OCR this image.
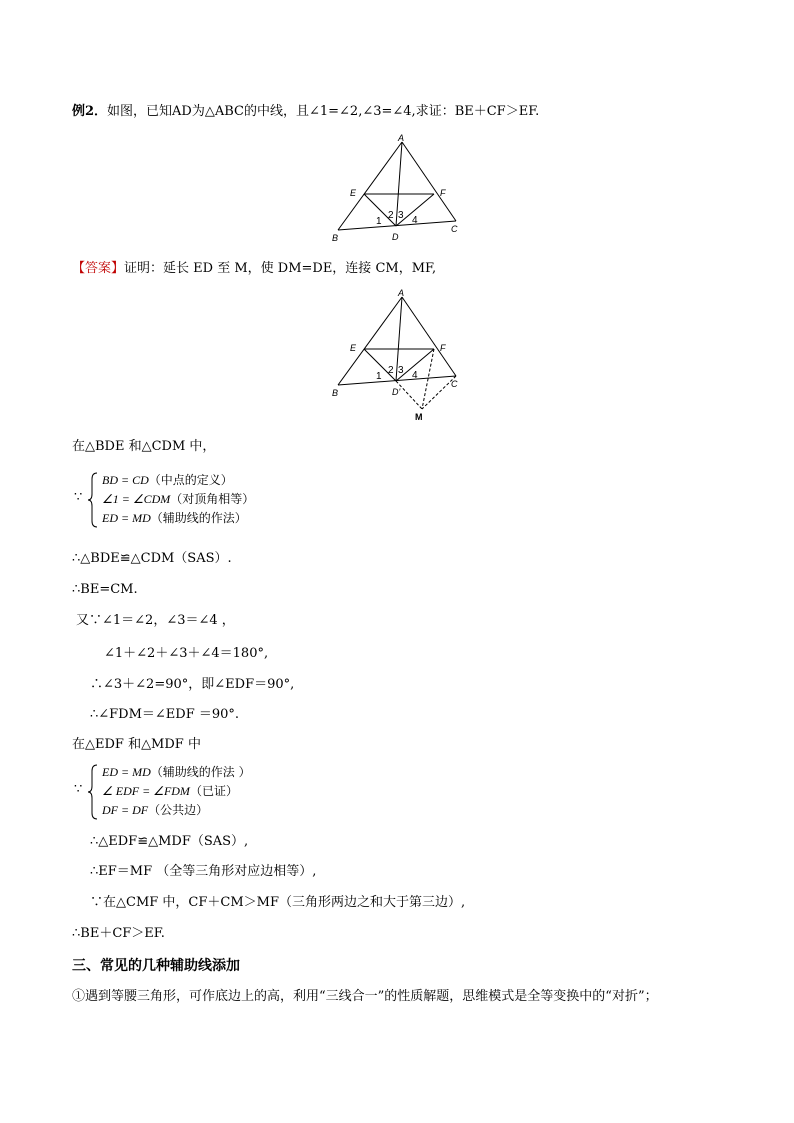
例2．如图，已知AD为△ABC的中线，且∠1=∠2,∠3=∠4,求证：BE＋CF＞EF.
A
E	F
B	D
C
1
2 3 4
【答案】证明：延长 ED 至 M，使 DM=DE，连接 CM，MF,
A
E	F
B	D'
C
M
1
2 3 4
在△BDE 和△CDM 中，
∵
BD = CD（中点的定义）
∠1 = ∠CDM（对顶角相等）
ED = MD（辅助线的作法）
∴△BDE≌△CDM（SAS）.
∴BE=CM.
又∵∠1＝∠2，∠3＝∠4 ，
∠1＋∠2＋∠3＋∠4＝180°,
∴∠3＋∠2=90°，即∠EDF＝90°,
∴∠FDM＝∠EDF ＝90°.
在△EDF 和△MDF 中
∵
ED = MD（辅助线的作法 ）
∠ EDF = ∠FDM（已证）
DF = DF（公共边）
∴△EDF≌△MDF（SAS）,
∴EF＝MF （全等三角形对应边相等）,
∵在△CMF 中，CF＋CM＞MF（三角形两边之和大于第三边）,
∴BE＋CF＞EF.
三、常见的几种辅助线添加
①遇到等腰三角形，可作底边上的高，利用“三线合一”的性质解题，思维模式是全等变换中的“对折”；
